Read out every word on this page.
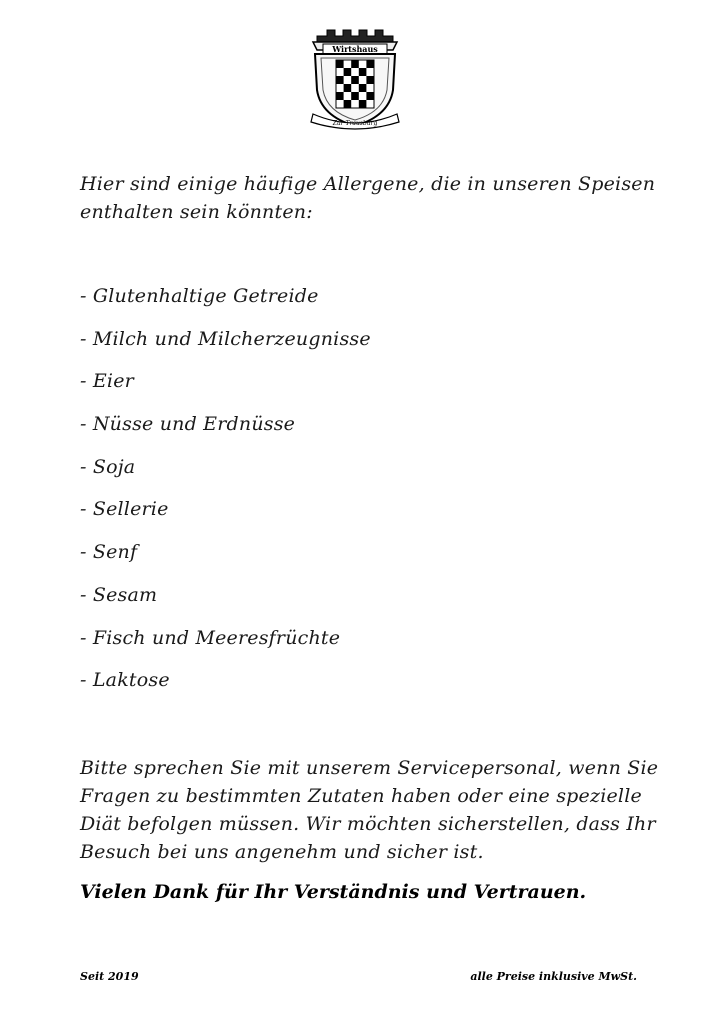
Wirtshaus
Zur Trausburg
Hier sind einige häufige Allergene, die in unseren Speisen enthalten sein könnten:
- Glutenhaltige Getreide
- Milch und Milcherzeugnisse
- Eier
- Nüsse und Erdnüsse
- Soja
- Sellerie
- Senf
- Sesam
- Fisch und Meeresfrüchte
- Laktose
Bitte sprechen Sie mit unserem Servicepersonal, wenn Sie Fragen zu bestimmten Zutaten haben oder eine spezielle Diät befolgen müssen. Wir möchten sicherstellen, dass Ihr Besuch bei uns angenehm und sicher ist.
Vielen Dank für Ihr Verständnis und Vertrauen.
Seit 2019	alle Preise inklusive MwSt.
